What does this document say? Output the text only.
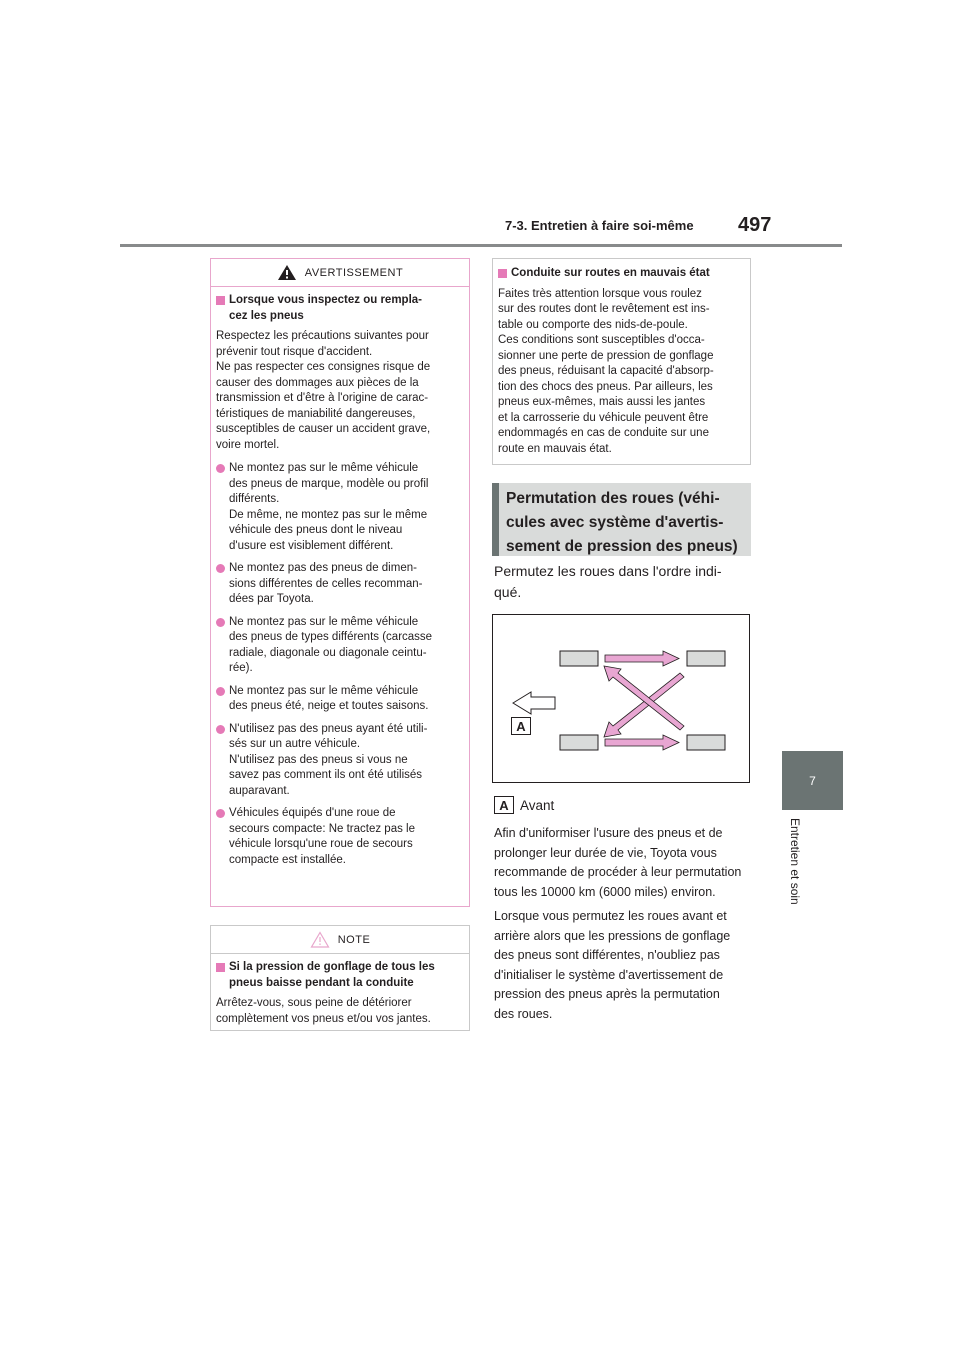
7-3. Entretien à faire soi-même 497
7
Entretien et soin
AVERTISSEMENT
Lorsque vous inspectez ou rempla-
cez les pneus
Respectez les précautions suivantes pour
prévenir tout risque d'accident.
Ne pas respecter ces consignes risque de
causer des dommages aux pièces de la
transmission et d'être à l'origine de carac-
téristiques de maniabilité dangereuses,
susceptibles de causer un accident grave,
voire mortel.
Ne montez pas sur le même véhicule
des pneus de marque, modèle ou profil
différents.
De même, ne montez pas sur le même
véhicule des pneus dont le niveau
d'usure est visiblement différent.
Ne montez pas des pneus de dimen-
sions différentes de celles recomman-
dées par Toyota.
Ne montez pas sur le même véhicule
des pneus de types différents (carcasse
radiale, diagonale ou diagonale ceintu-
rée).
Ne montez pas sur le même véhicule
des pneus été, neige et toutes saisons.
N'utilisez pas des pneus ayant été utili-
sés sur un autre véhicule.
N'utilisez pas des pneus si vous ne
savez pas comment ils ont été utilisés
auparavant.
Véhicules équipés d'une roue de
secours compacte: Ne tractez pas le
véhicule lorsqu'une roue de secours
compacte est installée.
NOTE
Si la pression de gonflage de tous les
pneus baisse pendant la conduite
Arrêtez-vous, sous peine de détériorer
complètement vos pneus et/ou vos jantes.
Conduite sur routes en mauvais état
Faites très attention lorsque vous roulez
sur des routes dont le revêtement est ins-
table ou comporte des nids-de-poule.
Ces conditions sont susceptibles d'occa-
sionner une perte de pression de gonflage
des pneus, réduisant la capacité d'absorp-
tion des chocs des pneus. Par ailleurs, les
pneus eux-mêmes, mais aussi les jantes
et la carrosserie du véhicule peuvent être
endommagés en cas de conduite sur une
route en mauvais état.
Permutation des roues (véhi-
cules avec système d'avertis-
sement de pression des pneus)
Permutez les roues dans l'ordre indi-
qué.
A
A Avant
Afin d'uniformiser l'usure des pneus et de
prolonger leur durée de vie, Toyota vous
recommande de procéder à leur permutation
tous les 10000 km (6000 miles) environ.
Lorsque vous permutez les roues avant et
arrière alors que les pressions de gonflage
des pneus sont différentes, n'oubliez pas
d'initialiser le système d'avertissement de
pression des pneus après la permutation
des roues.
